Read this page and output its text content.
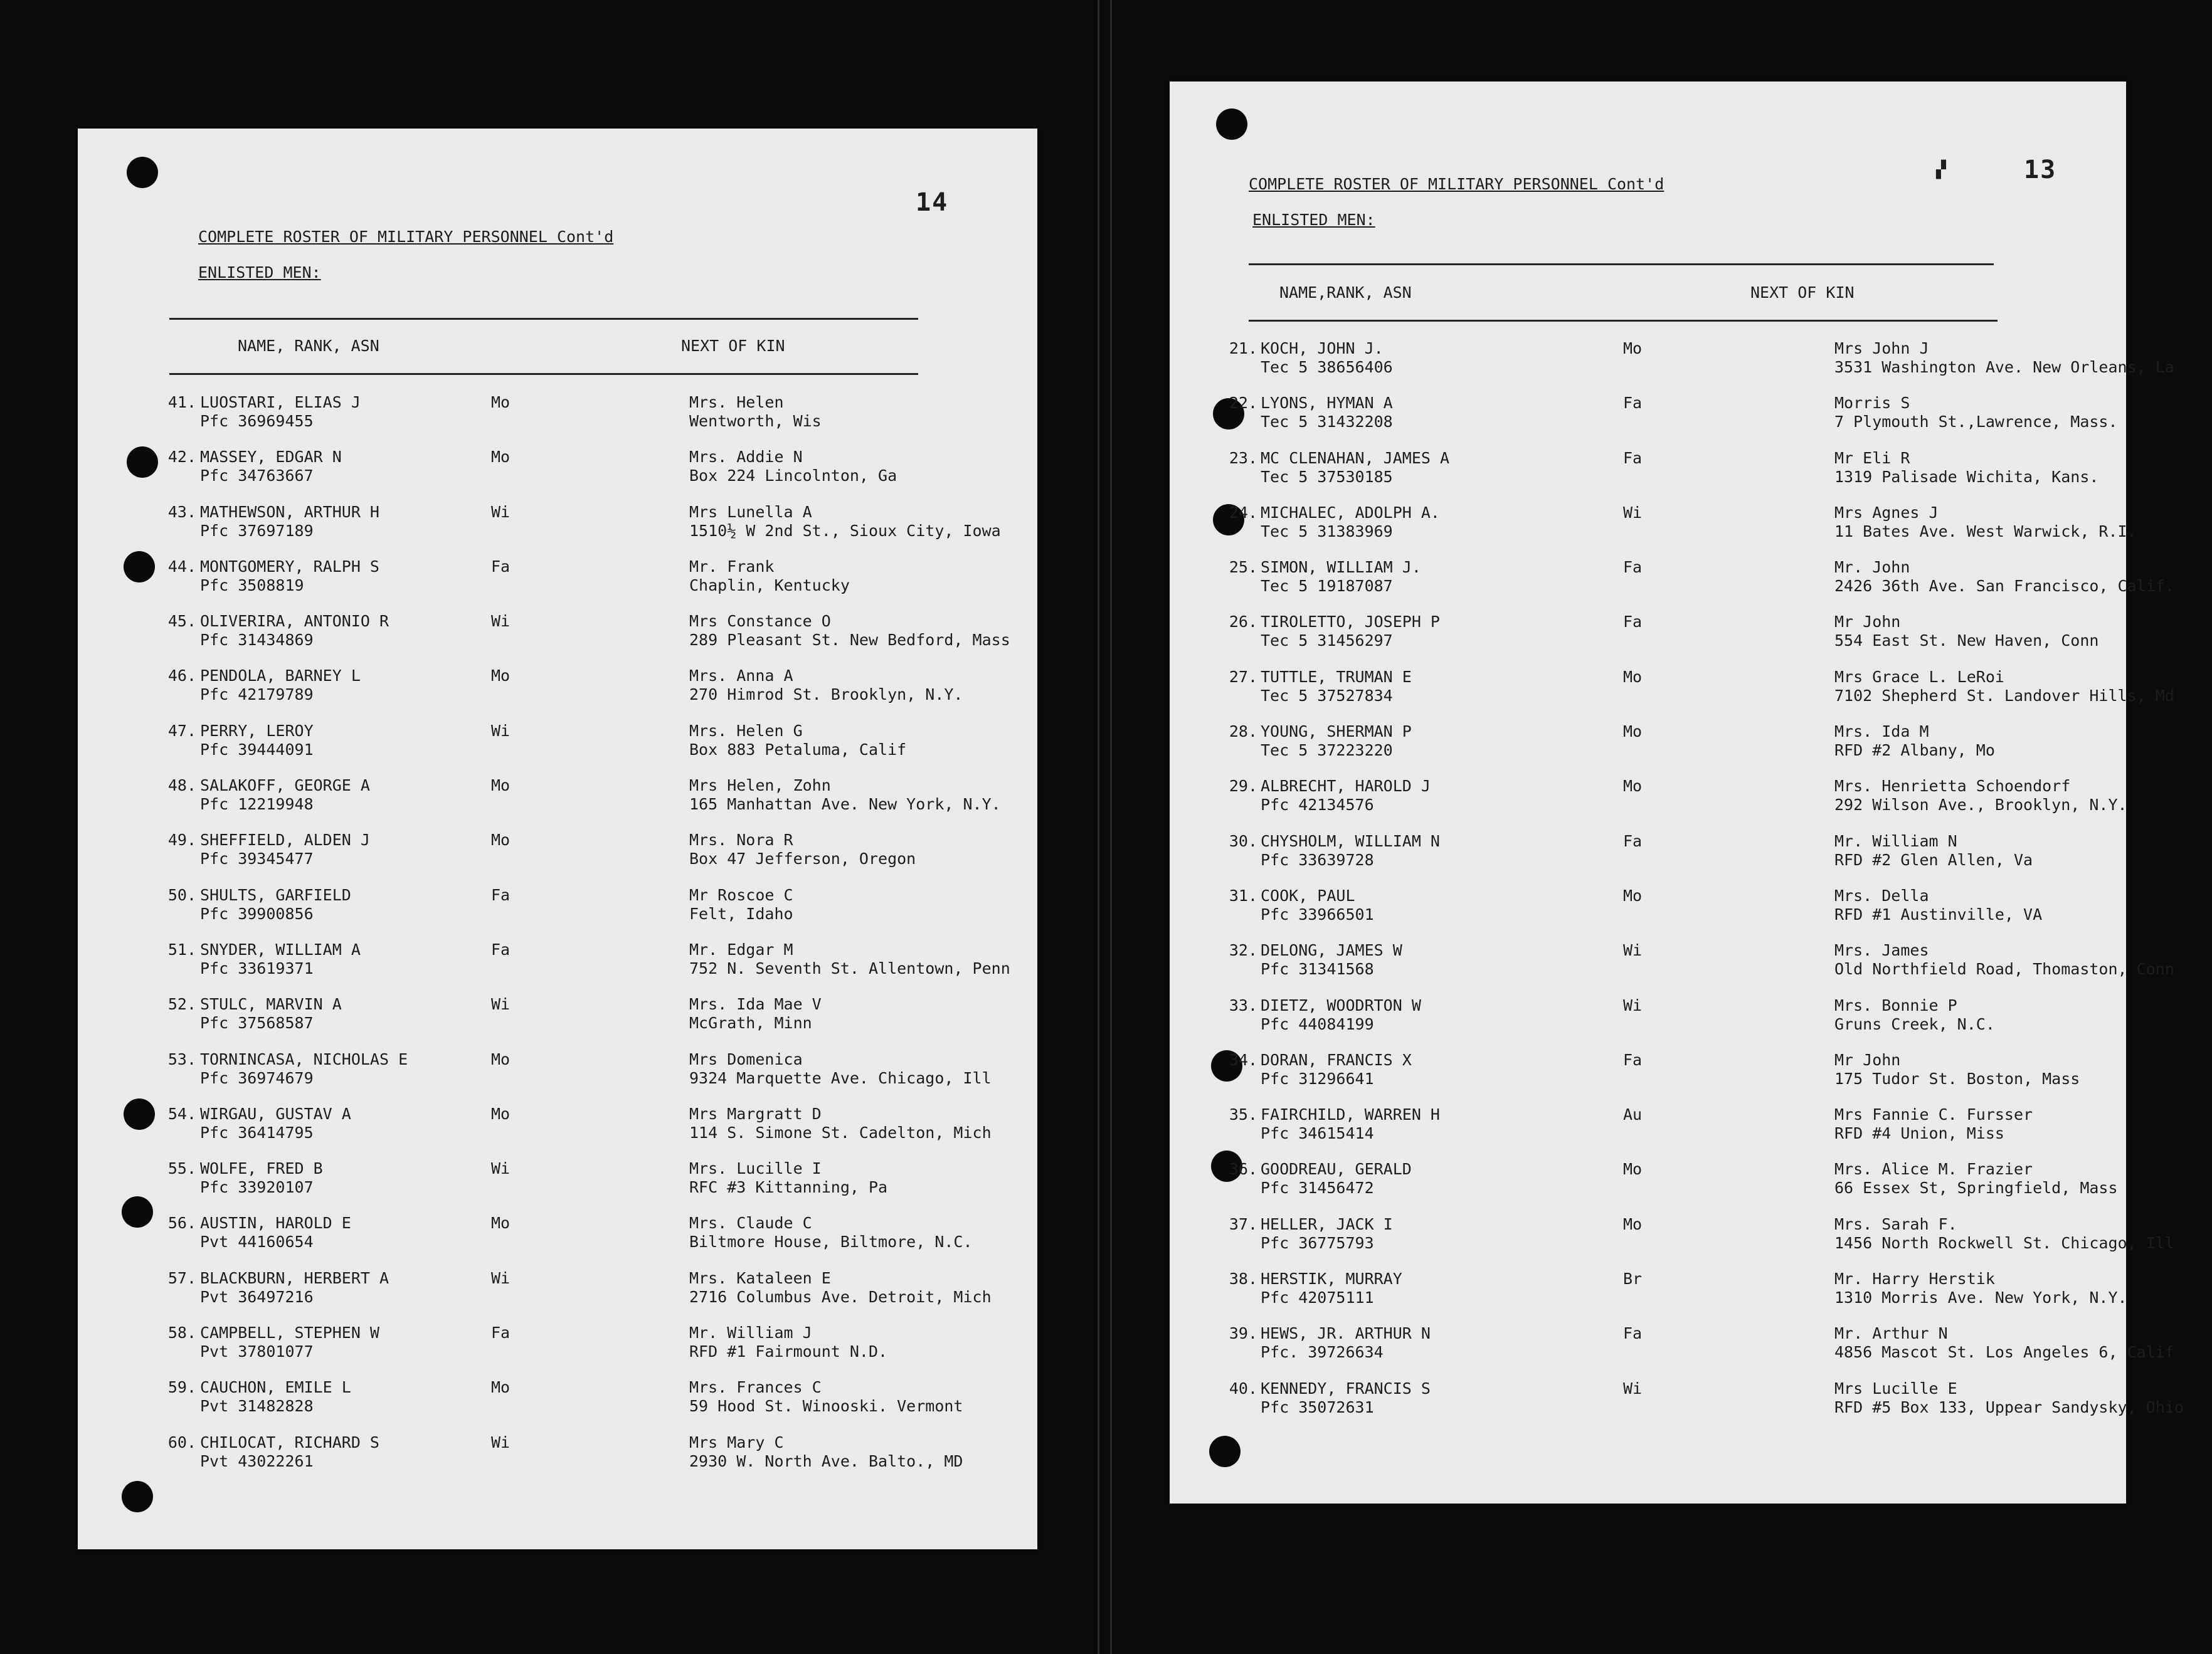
14
COMPLETE ROSTER OF MILITARY PERSONNEL Cont'd
ENLISTED MEN:
NAME, RANK, ASN	NEXT OF KIN
41. LUOSTARI, ELIAS J	Mo	Mrs. Helen
Pfc 36969455	Wentworth, Wis
42. MASSEY, EDGAR N	Mo	Mrs. Addie N
Pfc 34763667	Box 224 Lincolnton, Ga
43. MATHEWSON, ARTHUR H	Wi	Mrs Lunella A
Pfc 37697189	1510½ W 2nd St., Sioux City, Iowa
44. MONTGOMERY, RALPH S	Fa	Mr. Frank
Pfc 3508819	Chaplin, Kentucky
45. OLIVERIRA, ANTONIO R	Wi	Mrs Constance O
Pfc 31434869	289 Pleasant St. New Bedford, Mass
46. PENDOLA, BARNEY L	Mo	Mrs. Anna A
Pfc 42179789	270 Himrod St. Brooklyn, N.Y.
47. PERRY, LEROY	Wi	Mrs. Helen G
Pfc 39444091	Box 883 Petaluma, Calif
48. SALAKOFF, GEORGE A	Mo	Mrs Helen, Zohn
Pfc 12219948	165 Manhattan Ave. New York, N.Y.
49. SHEFFIELD, ALDEN J	Mo	Mrs. Nora R
Pfc 39345477	Box 47 Jefferson, Oregon
50. SHULTS, GARFIELD	Fa	Mr Roscoe C
Pfc 39900856	Felt, Idaho
51. SNYDER, WILLIAM A	Fa	Mr. Edgar M
Pfc 33619371	752 N. Seventh St. Allentown, Penn
52. STULC, MARVIN A	Wi	Mrs. Ida Mae V
Pfc 37568587	McGrath, Minn
53. TORNINCASA, NICHOLAS E	Mo	Mrs Domenica
Pfc 36974679	9324 Marquette Ave. Chicago, Ill
54. WIRGAU, GUSTAV A	Mo	Mrs Margratt D
Pfc 36414795	114 S. Simone St. Cadelton, Mich
55. WOLFE, FRED B	Wi	Mrs. Lucille I
Pfc 33920107	RFC #3 Kittanning, Pa
56. AUSTIN, HAROLD E	Mo	Mrs. Claude C
Pvt 44160654	Biltmore House, Biltmore, N.C.
57. BLACKBURN, HERBERT A	Wi	Mrs. Kataleen E
Pvt 36497216	2716 Columbus Ave. Detroit, Mich
58. CAMPBELL, STEPHEN W	Fa	Mr. William J
Pvt 37801077	RFD #1 Fairmount N.D.
59. CAUCHON, EMILE L	Mo	Mrs. Frances C
Pvt 31482828	59 Hood St. Winooski. Vermont
60. CHILOCAT, RICHARD S	Wi	Mrs Mary C
Pvt 43022261	2930 W. North Ave. Balto., MD
▞	13
COMPLETE ROSTER OF MILITARY PERSONNEL Cont'd
ENLISTED MEN:
NAME,RANK, ASN	NEXT OF KIN
21. KOCH, JOHN J.	Mo	Mrs John J
Tec 5 38656406	3531 Washington Ave. New Orleans, La
22. LYONS, HYMAN A	Fa	Morris S
Tec 5 31432208	7 Plymouth St.,Lawrence, Mass.
23. MC CLENAHAN, JAMES A	Fa	Mr Eli R
Tec 5 37530185	1319 Palisade Wichita, Kans.
24. MICHALEC, ADOLPH A.	Wi	Mrs Agnes J
Tec 5 31383969	11 Bates Ave. West Warwick, R.I.
25. SIMON, WILLIAM J.	Fa	Mr. John
Tec 5 19187087	2426 36th Ave. San Francisco, Calif.
26. TIROLETTO, JOSEPH P	Fa	Mr John
Tec 5 31456297	554 East St. New Haven, Conn
27. TUTTLE, TRUMAN E	Mo	Mrs Grace L. LeRoi
Tec 5 37527834	7102 Shepherd St. Landover Hills, Md
28. YOUNG, SHERMAN P	Mo	Mrs. Ida M
Tec 5 37223220	RFD #2 Albany, Mo
29. ALBRECHT, HAROLD J	Mo	Mrs. Henrietta Schoendorf
Pfc 42134576	292 Wilson Ave., Brooklyn, N.Y.
30. CHYSHOLM, WILLIAM N	Fa	Mr. William N
Pfc 33639728	RFD #2 Glen Allen, Va
31. COOK, PAUL	Mo	Mrs. Della
Pfc 33966501	RFD #1 Austinville, VA
32. DELONG, JAMES W	Wi	Mrs. James
Pfc 31341568	Old Northfield Road, Thomaston, Conn
33. DIETZ, WOODRTON W	Wi	Mrs. Bonnie P
Pfc 44084199	Gruns Creek, N.C.
34. DORAN, FRANCIS X	Fa	Mr John
Pfc 31296641	175 Tudor St. Boston, Mass
35. FAIRCHILD, WARREN H	Au	Mrs Fannie C. Fursser
Pfc 34615414	RFD #4 Union, Miss
36. GOODREAU, GERALD	Mo	Mrs. Alice M. Frazier
Pfc 31456472	66 Essex St, Springfield, Mass
37. HELLER, JACK I	Mo	Mrs. Sarah F.
Pfc 36775793	1456 North Rockwell St. Chicago, Ill
38. HERSTIK, MURRAY	Br	Mr. Harry Herstik
Pfc 42075111	1310 Morris Ave. New York, N.Y.
39. HEWS, JR. ARTHUR N	Fa	Mr. Arthur N
Pfc. 39726634	4856 Mascot St. Los Angeles 6, Calif
40. KENNEDY, FRANCIS S	Wi	Mrs Lucille E
Pfc 35072631	RFD #5 Box 133, Uppear Sandysky, Ohio
